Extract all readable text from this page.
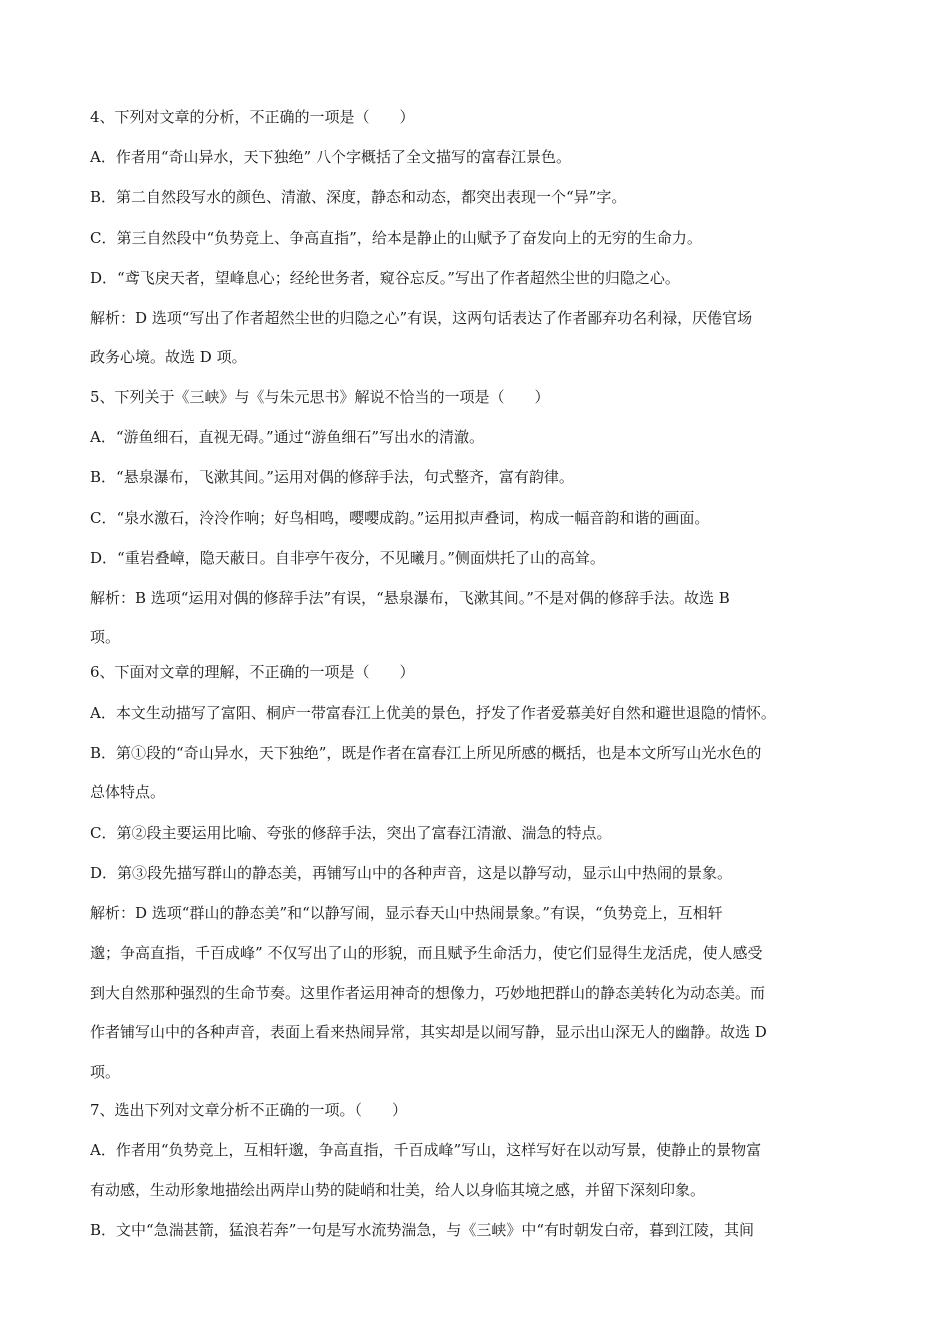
4、下列对文章的分析，不正确的一项是（　　）

A．作者用“奇山异水，天下独绝” 八个字概括了全文描写的富春江景色。

B．第二自然段写水的颜色、清澈、深度，静态和动态，都突出表现一个“异”字。

C．第三自然段中“负势竞上、争高直指”，给本是静止的山赋予了奋发向上的无穷的生命力。

D．“鸢飞戾天者，望峰息心；经纶世务者，窥谷忘反。”写出了作者超然尘世的归隐之心。

解析：D 选项“写出了作者超然尘世的归隐之心”有误，这两句话表达了作者鄙弃功名利禄，厌倦官场

政务心境。故选 D 项。

5、下列关于《三峡》与《与朱元思书》解说不恰当的一项是（　　）

A．“游鱼细石，直视无碍。”通过“游鱼细石”写出水的清澈。

B．“悬泉瀑布，飞漱其间。”运用对偶的修辞手法，句式整齐，富有韵律。

C．“泉水激石，泠泠作响；好鸟相鸣，嘤嘤成韵。”运用拟声叠词，构成一幅音韵和谐的画面。

D．“重岩叠嶂，隐天蔽日。自非亭午夜分，不见曦月。”侧面烘托了山的高耸。

解析：B 选项“运用对偶的修辞手法”有误，“悬泉瀑布，飞漱其间。”不是对偶的修辞手法。故选 B

项。

6、下面对文章的理解，不正确的一项是（　　）

A．本文生动描写了富阳、桐庐一带富春江上优美的景色，抒发了作者爱慕美好自然和避世退隐的情怀。

B．第①段的“奇山异水，天下独绝”，既是作者在富春江上所见所感的概括，也是本文所写山光水色的

总体特点。

C．第②段主要运用比喻、夸张的修辞手法，突出了富春江清澈、湍急的特点。

D．第③段先描写群山的静态美，再铺写山中的各种声音，这是以静写动，显示山中热闹的景象。

解析：D 选项“群山的静态美”和“以静写闹，显示春天山中热闹景象。”有误，“负势竞上，互相轩

邈；争高直指，千百成峰” 不仅写出了山的形貌，而且赋予生命活力，使它们显得生龙活虎，使人感受

到大自然那种强烈的生命节奏。这里作者运用神奇的想像力，巧妙地把群山的静态美转化为动态美。而

作者铺写山中的各种声音，表面上看来热闹异常，其实却是以闹写静，显示出山深无人的幽静。故选 D

项。

7、选出下列对文章分析不正确的一项。（　　）

A．作者用“负势竞上，互相轩邈，争高直指，千百成峰”写山，这样写好在以动写景，使静止的景物富

有动感，生动形象地描绘出两岸山势的陡峭和壮美，给人以身临其境之感，并留下深刻印象。

B．文中“急湍甚箭，猛浪若奔”一句是写水流势湍急，与《三峡》中“有时朝发白帝，暮到江陵，其间
